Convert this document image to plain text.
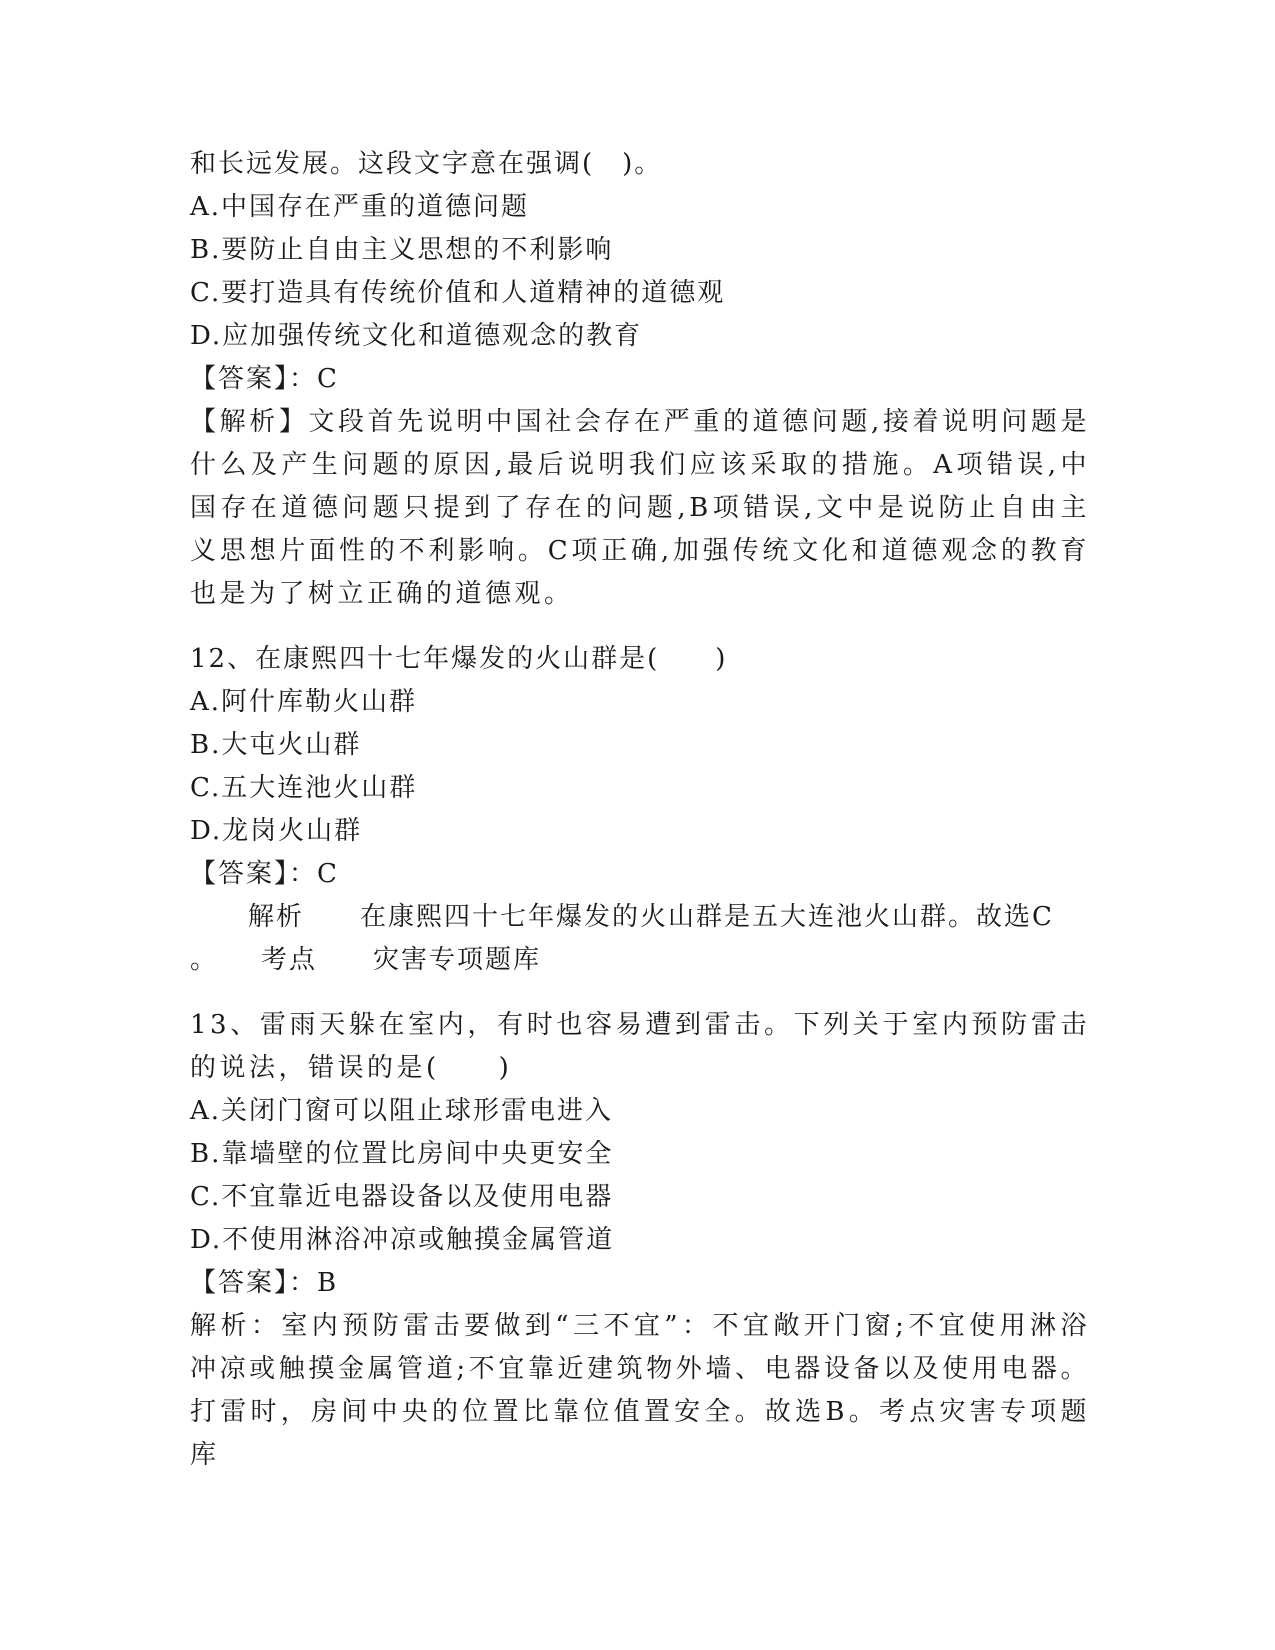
和长远发展。这段文字意在强调(　)。
A.中国存在严重的道德问题
B.要防止自由主义思想的不利影响
C.要打造具有传统价值和人道精神的道德观
D.应加强传统文化和道德观念的教育
【答案】：C
【解析】文段首先说明中国社会存在严重的道德问题,接着说明问题是什么及产生问题的原因,最后说明我们应该采取的措施。A项错误,中国存在道德问题只提到了存在的问题,B项错误,文中是说防止自由主义思想片面性的不利影响。C项正确,加强传统文化和道德观念的教育也是为了树立正确的道德观。
12、在康熙四十七年爆发的火山群是(　　)
A.阿什库勒火山群
B.大屯火山群
C.五大连池火山群
D.龙岗火山群
【答案】：C
解析　　在康熙四十七年爆发的火山群是五大连池火山群。故选C
。　　考点　　灾害专项题库
13、雷雨天躲在室内，有时也容易遭到雷击。下列关于室内预防雷击的说法，错误的是(　　)
A.关闭门窗可以阻止球形雷电进入
B.靠墙壁的位置比房间中央更安全
C.不宜靠近电器设备以及使用电器
D.不使用淋浴冲凉或触摸金属管道
【答案】：B
解析：室内预防雷击要做到“三不宜”：不宜敞开门窗;不宜使用淋浴冲凉或触摸金属管道;不宜靠近建筑物外墙、电器设备以及使用电器。打雷时，房间中央的位置比靠位值置安全。故选B。考点灾害专项题库
